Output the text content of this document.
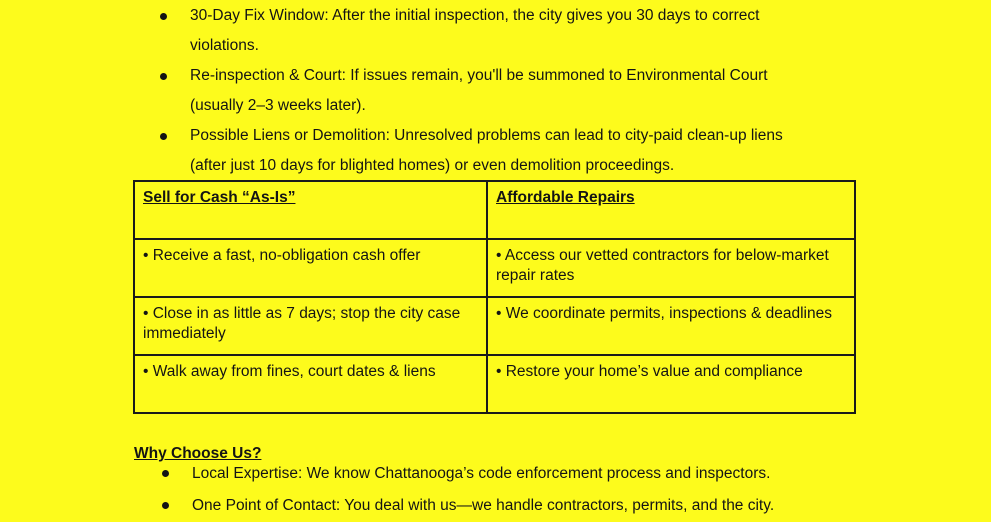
30-Day Fix Window: After the initial inspection, the city gives you 30 days to correct
violations.
Re-inspection & Court: If issues remain, you'll be summoned to Environmental Court
(usually 2–3 weeks later).
Possible Liens or Demolition: Unresolved problems can lead to city-paid clean-up liens
(after just 10 days for blighted homes) or even demolition proceedings.
Sell for Cash “As-Is”	Affordable Repairs
• Receive a fast, no-obligation cash offer	• Access our vetted contractors for below-market repair rates
• Close in as little as 7 days; stop the city case immediately	• We coordinate permits, inspections & deadlines
• Walk away from fines, court dates & liens	• Restore your home’s value and compliance
Why Choose Us?
Local Expertise: We know Chattanooga’s code enforcement process and inspectors.
One Point of Contact: You deal with us—we handle contractors, permits, and the city.
